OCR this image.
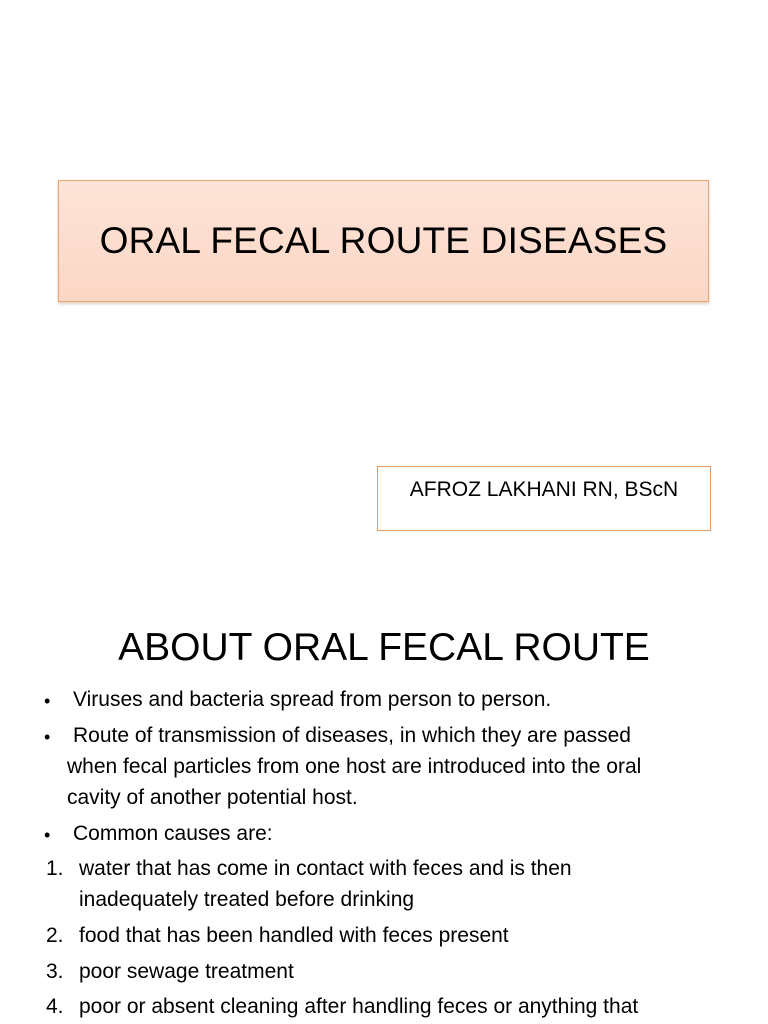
ORAL FECAL ROUTE DISEASES
AFROZ LAKHANI RN, BScN
ABOUT ORAL FECAL ROUTE
• Viruses and bacteria spread from person to person.
• Route of transmission of diseases, in which they are passed
when fecal particles from one host are introduced into the oral
cavity of another potential host.
• Common causes are:
1. water that has come in contact with feces and is then
inadequately treated before drinking
2. food that has been handled with feces present
3. poor sewage treatment
4. poor or absent cleaning after handling feces or anything that
